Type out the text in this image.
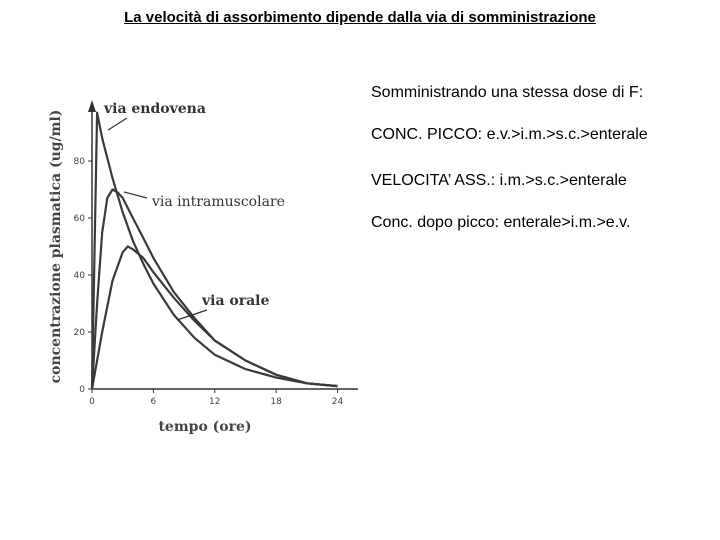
La velocità di assorbimento dipende dalla via di somministrazione
Somministrando una stessa dose di F:
CONC. PICCO: e.v.>i.m.>s.c.>enterale
VELOCITA’ ASS.: i.m.>s.c.>enterale
Conc. dopo picco: enterale>i.m.>e.v.
0	6	12	18	24
0
20
40
60
80
tempo (ore)
concentrazione plasmatica (ug/ml)
via endovena
via intramuscolare
via orale
